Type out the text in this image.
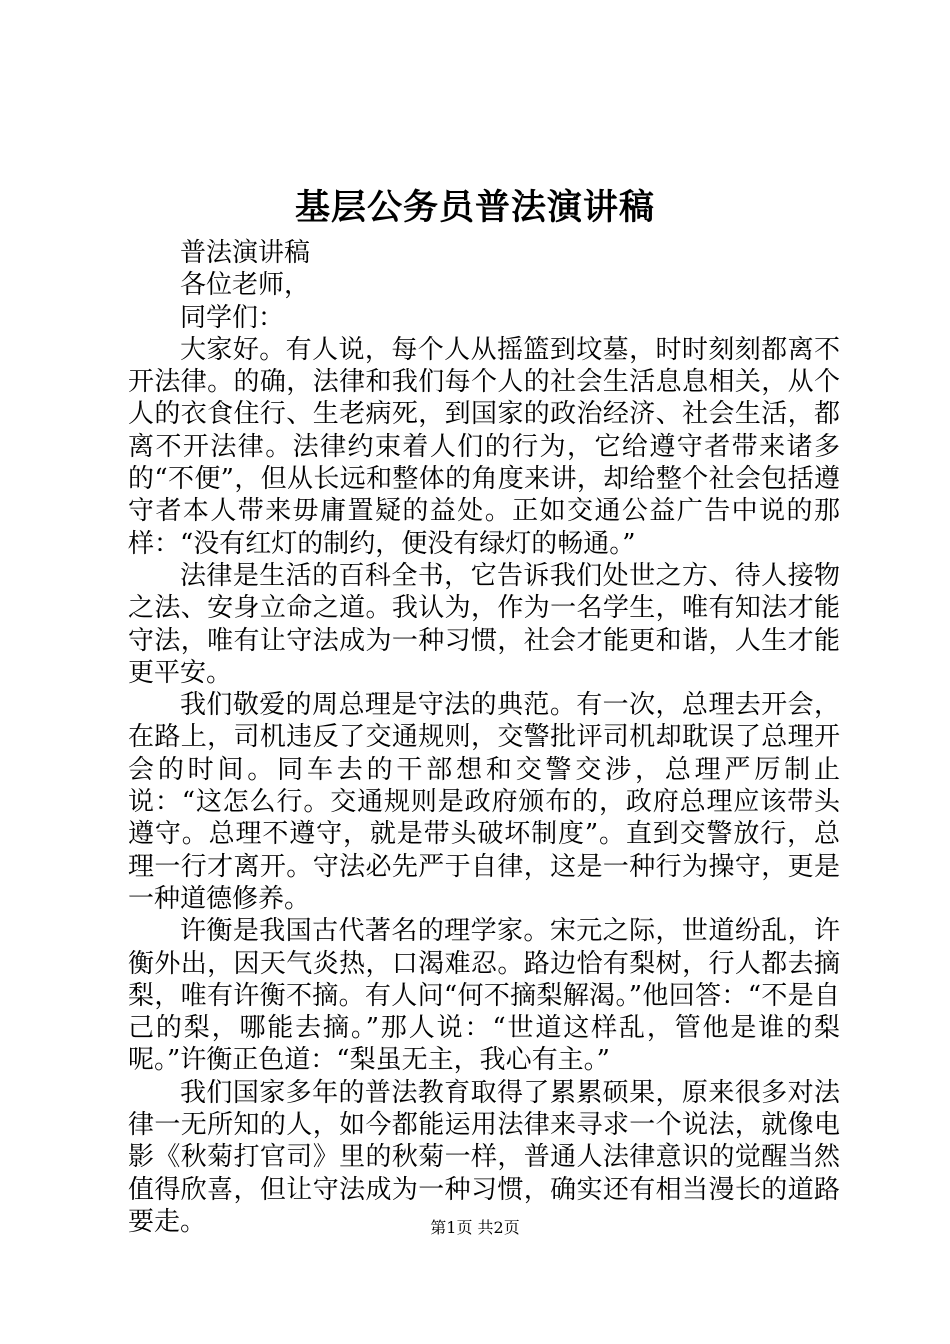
基层公务员普法演讲稿

普法演讲稿

各位老师，

同学们：

大家好。有人说，每个人从摇篮到坟墓，时时刻刻都离不开法律。的确，法律和我们每个人的社会生活息息相关，从个人的衣食住行、生老病死，到国家的政治经济、社会生活，都离不开法律。法律约束着人们的行为，它给遵守者带来诸多的“不便”，但从长远和整体的角度来讲，却给整个社会包括遵守者本人带来毋庸置疑的益处。正如交通公益广告中说的那样：“没有红灯的制约，便没有绿灯的畅通。”

法律是生活的百科全书，它告诉我们处世之方、待人接物之法、安身立命之道。我认为，作为一名学生，唯有知法才能守法，唯有让守法成为一种习惯，社会才能更和谐，人生才能更平安。

我们敬爱的周总理是守法的典范。有一次，总理去开会，在路上，司机违反了交通规则，交警批评司机却耽误了总理开会的时间。同车去的干部想和交警交涉，总理严厉制止说：“这怎么行。交通规则是政府颁布的，政府总理应该带头遵守。总理不遵守，就是带头破坏制度”。直到交警放行，总理一行才离开。守法必先严于自律，这是一种行为操守，更是一种道德修养。

许衡是我国古代著名的理学家。宋元之际，世道纷乱，许衡外出，因天气炎热，口渴难忍。路边恰有梨树，行人都去摘梨，唯有许衡不摘。有人问“何不摘梨解渴。”他回答：“不是自己的梨，哪能去摘。”那人说：“世道这样乱，管他是谁的梨呢。”许衡正色道：“梨虽无主，我心有主。”

我们国家多年的普法教育取得了累累硕果，原来很多对法律一无所知的人，如今都能运用法律来寻求一个说法，就像电影《秋菊打官司》里的秋菊一样，普通人法律意识的觉醒当然值得欣喜，但让守法成为一种习惯，确实还有相当漫长的道路要走。	第1页 共2页
